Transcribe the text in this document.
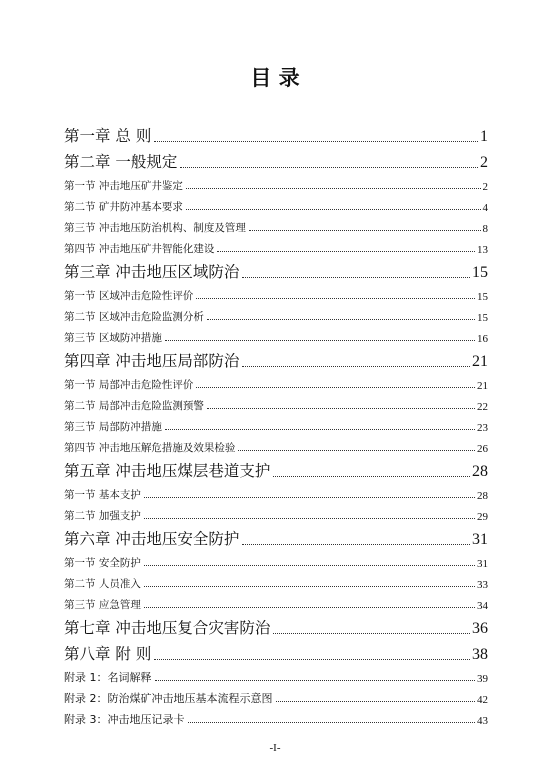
目 录
第一章 总 则	1
第二章 一般规定	2
第一节 冲击地压矿井鉴定	2
第二节 矿井防冲基本要求	4
第三节 冲击地压防治机构、制度及管理	8
第四节 冲击地压矿井智能化建设	13
第三章 冲击地压区域防治	15
第一节 区域冲击危险性评价	15
第二节 区域冲击危险监测分析	15
第三节 区域防冲措施	16
第四章 冲击地压局部防治	21
第一节 局部冲击危险性评价	21
第二节 局部冲击危险监测预警	22
第三节 局部防冲措施	23
第四节 冲击地压解危措施及效果检验	26
第五章 冲击地压煤层巷道支护	28
第一节 基本支护	28
第二节 加强支护	29
第六章 冲击地压安全防护	31
第一节 安全防护	31
第二节 人员准入	33
第三节 应急管理	34
第七章 冲击地压复合灾害防治	36
第八章 附 则	38
附录 1：名词解释	39
附录 2：防治煤矿冲击地压基本流程示意图	42
附录 3：冲击地压记录卡	43
-I-
